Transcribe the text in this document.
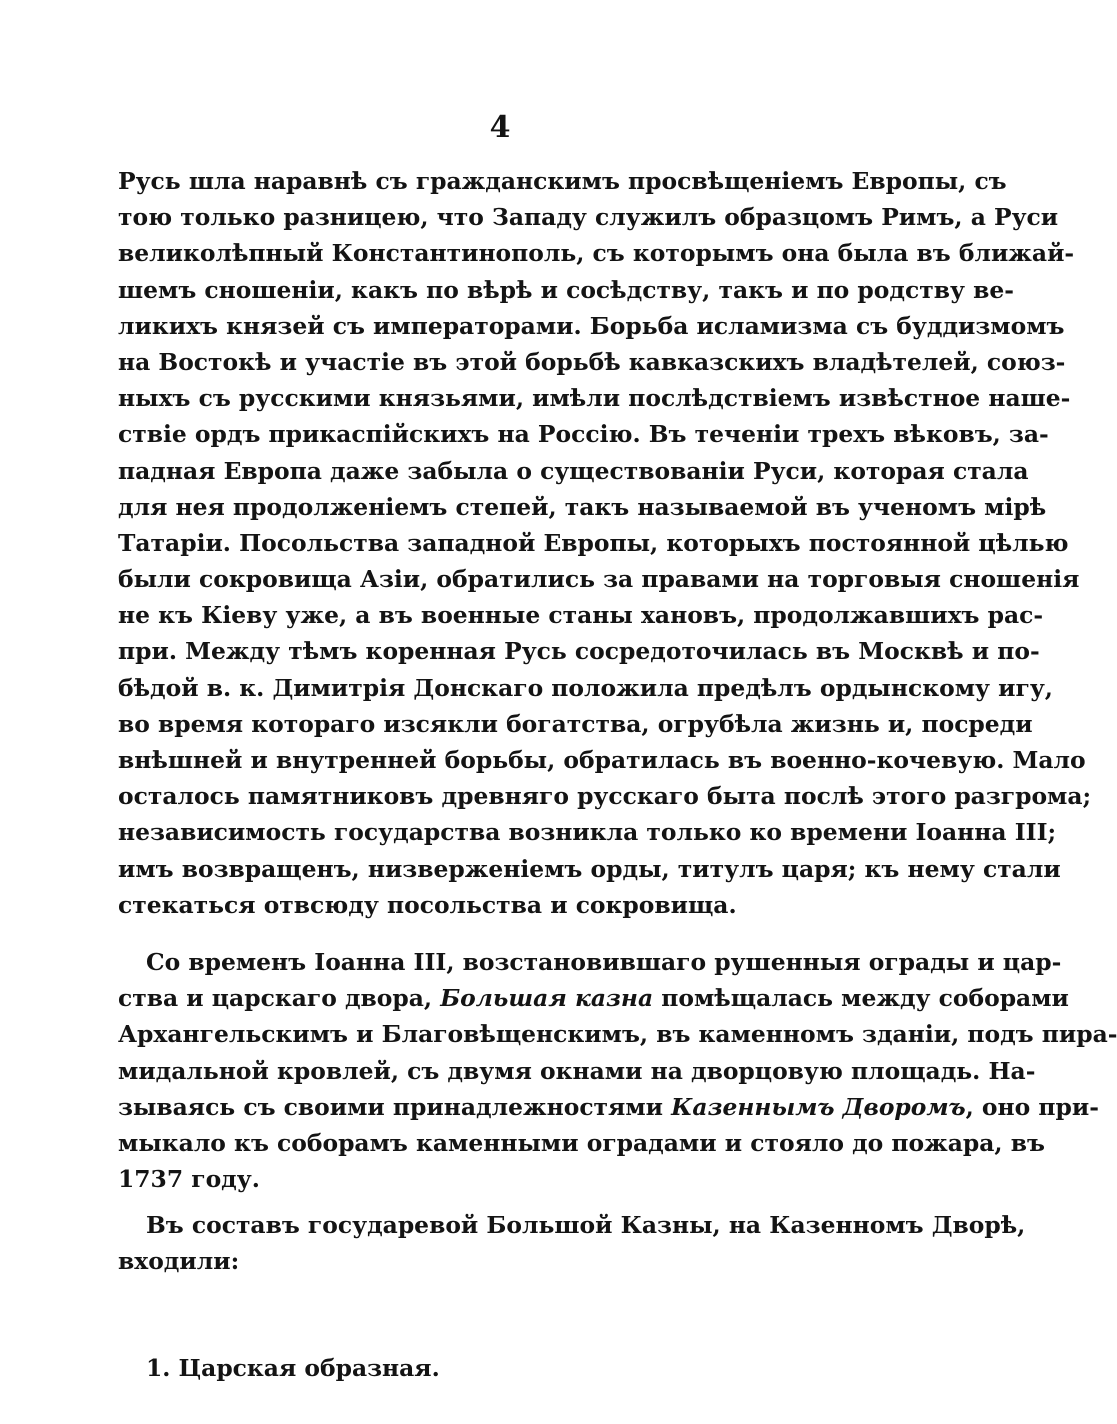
4
Русь шла наравнѣ съ гражданскимъ просвѣщеніемъ Европы, съ
тою только разницею, что Западу служилъ образцомъ Римъ, а Руси
великолѣпный Константинополь, съ которымъ она была въ ближай-
шемъ сношеніи, какъ по вѣрѣ и сосѣдству, такъ и по родству ве-
ликихъ князей съ императорами. Борьба исламизма съ буддизмомъ
на Востокѣ и участіе въ этой борьбѣ кавказскихъ владѣтелей, союз-
ныхъ съ русскими князьями, имѣли послѣдствіемъ извѣстное наше-
ствіе ордъ прикаспійскихъ на Россію. Въ теченіи трехъ вѣковъ, за-
падная Европа даже забыла о существованіи Руси, которая стала
для нея продолженіемъ степей, такъ называемой въ ученомъ мірѣ
Татаріи. Посольства западной Европы, которыхъ постоянной цѣлью
были сокровища Азіи, обратились за правами на торговыя сношенія
не къ Кіеву уже, а въ военные станы хановъ, продолжавшихъ рас-
при. Между тѣмъ коренная Русь сосредоточилась въ Москвѣ и по-
бѣдой в. к. Димитрія Донскаго положила предѣлъ ордынскому игу,
во время котораго изсякли богатства, огрубѣла жизнь и, посреди
внѣшней и внутренней борьбы, обратилась въ военно-кочевую. Мало
осталось памятниковъ древняго русскаго быта послѣ этого разгрома;
независимость государства возникла только ко времени Іоанна III;
имъ возвращенъ, низверженіемъ орды, титулъ царя; къ нему стали
стекаться отвсюду посольства и сокровища.
Со временъ Іоанна III, возстановившаго рушенныя ограды и цар-
ства и царскаго двора, Большая казна помѣщалась между соборами
Архангельскимъ и Благовѣщенскимъ, въ каменномъ зданіи, подъ пира-
мидальной кровлей, съ двумя окнами на дворцовую площадь. На-
зываясь съ своими принадлежностями Казеннымъ Дворомъ, оно при-
мыкало къ соборамъ каменными оградами и стояло до пожара, въ
1737 году.
Въ составъ государевой Большой Казны, на Казенномъ Дворѣ,
входили:
1. Царская образная.
